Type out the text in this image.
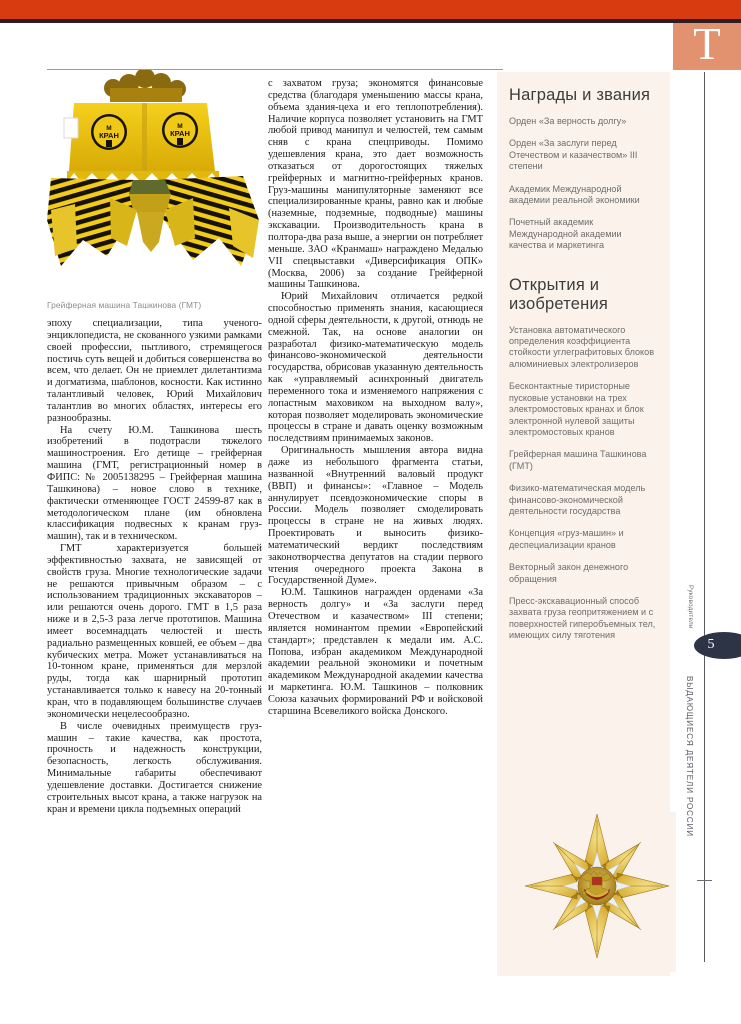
Т
М
КРАН
М
КРАН
Грейферная машина Ташкинова (ГМТ)

эпоху специализации, типа ученого-энциклопедиста, не скованного узкими рамками своей профессии, пытливого, стремящегося постичь суть вещей и добиться совершенства во всем, что делает. Он не приемлет дилетантизма и догматизма, шаблонов, косности. Как истинно талантливый человек, Юрий Михайлович талантлив во многих областях, интересы его разнообразны.

На счету Ю.М. Ташкинова шесть изобретений в подотрасли тяжелого машиностроения. Его детище – грейферная машина (ГМТ, регистрационный номер в ФИПС: № 2005138295 – Грейферная машина Ташкинова) – новое слово в технике, фактически отменяющее ГОСТ 24599-87 как в методологическом плане (им обновлена классификация подвесных к кранам груз-машин), так и в техническом.

ГМТ характеризуется большей эффективностью захвата, не зависящей от свойств груза. Многие технологические задачи не решаются привычным образом – с использованием традиционных экскаваторов – или решаются очень дорого. ГМТ в 1,5 раза ниже и в 2,5-3 раза легче прототипов. Машина имеет восемнадцать челюстей и шесть радиально размещенных ковшей, ее объем – два кубических метра. Может устанавливаться на 10-тонном кране, применяться для мерзлой руды, тогда как шарнирный прототип устанавливается только к навесу на 20-тонный кран, что в подавляющем большинстве случаев экономически нецелесообразно.

В числе очевидных преимуществ груз-машин – такие качества, как простота, прочность и надежность конструкции, безопасность, легкость обслуживания. Минимальные габариты обеспечивают удешевление доставки. Достигается снижение строительных высот крана, а также нагрузок на кран и времени цикла подъемных операций

с захватом груза; экономятся финансовые средства (благодаря уменьшению массы крана, объема здания-цеха и его теплопотребления). Наличие корпуса позволяет установить на ГМТ любой привод манипул и челюстей, тем самым сняв с крана спецприводы. Помимо удешевления крана, это дает возможность отказаться от дорогостоящих тяжелых грейферных и магнитно-грейферных кранов. Груз-машины манипуляторные заменяют все специализированные краны, равно как и любые (наземные, подземные, подводные) машины экскавации. Производительность крана в полтора-два раза выше, а энергии он потребляет меньше. ЗАО «Кранмаш» награждено Медалью VII спецвыставки «Диверсификация ОПК» (Москва, 2006) за создание Грейферной машины Ташкинова.

Юрий Михайлович отличается редкой способностью применять знания, касающиеся одной сферы деятельности, к другой, отнюдь не смежной. Так, на основе аналогии он разработал физико-математическую модель финансово-экономической деятельности государства, обрисовав указанную деятельность как «управляемый асинхронный двигатель переменного тока и изменяемого напряжения с лопастным маховиком на выходном валу», которая позволяет моделировать экономические процессы в стране и давать оценку возможным последствиям принимаемых законов.

Оригинальность мышления автора видна даже из небольшого фрагмента статьи, названной «Внутренний валовый продукт (ВВП) и финансы»: «Главное – Модель аннулирует псевдоэкономические споры в России. Модель позволяет смоделировать процессы в стране не на живых людях. Проектировать и выносить физико-математический вердикт последствиям законотворчества депутатов на стадии первого чтения очередного проекта Закона в Государственной Думе».

Ю.М. Ташкинов награжден орденами «За верность долгу» и «За заслуги перед Отечеством и казачеством» III степени; является номинантом премии «Европейский стандарт»; представлен к медали им. А.С. Попова, избран академиком Международной академии реальной экономики и почетным академиком Международной академии качества и маркетинга. Ю.М. Ташкинов – полковник Союза казачьих формирований РФ и войсковой старшина Всевеликого войска Донского.

Награды и звания

Орден «За верность долгу»

Орден «За заслуги перед Отечеством и казачеством» III степени

Академик Международной академии реальной экономики

Почетный академик Международной академии качества и маркетинга

Открытия и изобретения

Установка автоматического определения коэффициента стойкости углеграфитовых блоков алюминиевых электролизеров

Бесконтактные тиристорные пусковые установки на трех электромостовых кранах и блок электронной нулевой защиты электромостовых кранов

Грейферная машина Ташкинова (ГМТ)

Физико-математическая модель финансово-экономической деятельности государства

Концепция «груз-машин» и деспециализации кранов

Векторный закон денежного обращения

Пресс-экскавационный способ захвата груза геопритяжением и с поверхностей гиперобъемных тел, имеющих силу тяготения

Руководители
5
ВЫДАЮЩИЕСЯ ДЕЯТЕЛИ РОССИИ
